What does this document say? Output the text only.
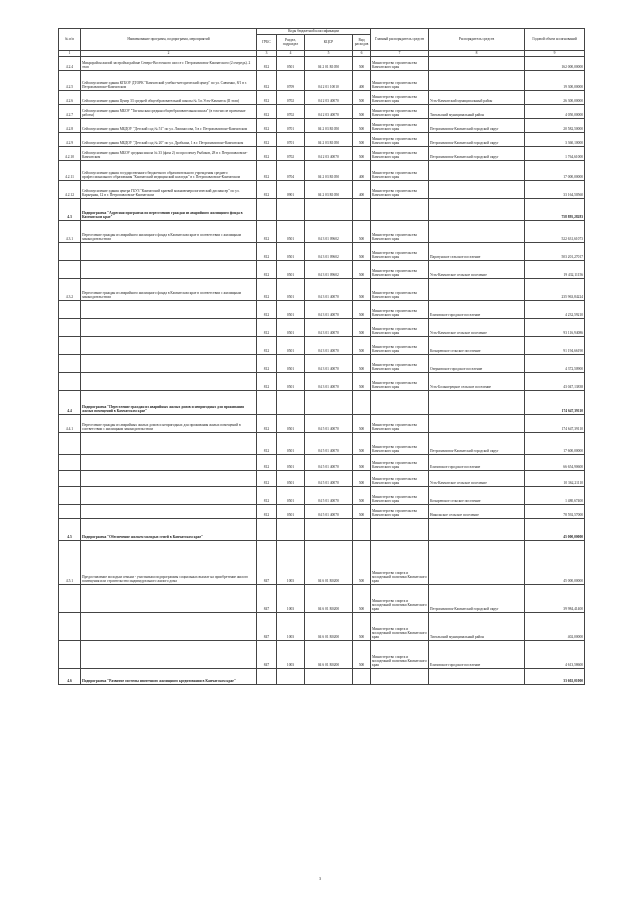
№ п/п	Наименование программ, подпрограмм, мероприятий	Коды бюджетной классификации				Главный распорядитель средств	Распорядитель средств	Годовой объем ассигнований
		ГРБС	Раздел, подраздел	КЦСР	Вид расходов			
1	2	3	4	5	6	7	8	9
4.2.4	Микрорайон жилой застройки районе Северо-Восточного шоссе г. Петропавловск-Камчатского (2 очередь). 2 этап	812	0501	04 2 01 R1050	500	Министерство строительства Камчатского края		162 000,00000
4.2.5	Сейсмоусиление здания КГБОУ ДТОРК "Камчатский учебно-методический центр" по ул. Савченко, 8/1 в г. Петропавловске-Камчатском	812	0709	04 2 01 10010	400	Министерство строительства Камчатского края		19 300,00000
4.2.6	Сейсмоусиление здания Центр 33 средней общеобразовательной школы № 3 п.Усть-Камчатск (II этап)	812	0702	04 2 03 40070	500	Министерство строительства Камчатского края	Усть-Камчатский муниципальный район	26 300,00000
4.2.7	Сейсмоусиление здания МБОУ "Тигильская средняя общеобразовательная школа" (в том числе проектные работы)	812	0702	04 2 03 40070	500	Министерство строительства Камчатского края	Тигильский муниципальный район	4 050,00000
4.2.8	Сейсмоусиление здания МБДОУ "Детский сад № 51" по ул. Ломоносова, 5 в г. Петропавловске-Камчатском	812	0701	04 2 03 R1050	500	Министерство строительства Камчатского края	Петропавловск-Камчатский городской округ	20 582,50000
4.2.9	Сейсмоусиление здания МБДОУ "Детский сад № 20" по ул. Дробыша, 1 в г. Петропавловске-Камчатском	812	0701	04 2 03 R1050	500	Министерство строительства Камчатского края	Петропавловск-Камчатский городской округ	3 360,10000
4.2.10	Сейсмоусиление здания МБОУ средняя школа № 33 (фаза 2) по проспекту Рыбаков, 28 в г. Петропавловске-Камчатском	812	0702	04 2 03 40070	500	Министерство строительства Камчатского края	Петропавловск-Камчатский городской округ	1 764,61000
4.2.11	Сейсмоусиление здания государственного бюджетного образовательного учреждения среднего профессионального образования "Камчатский медицинский колледж" в г. Петропавловске-Камчатском	812	0704	04 2 03 R1050	400	Министерство строительства Камчатского края		17 000,00000
4.2.12	Сейсмоусиление здания центра ГБУЗ "Камчатский краевой кожновенерологический диспансер" по ул. Карьерная, 12 в г. Петропавловске-Камчатском	812	0901	04 2 03 R1050	400	Министерство строительства Камчатского края		33 164,50560
4.3	Подпрограмма "Адресная программа по переселению граждан из аварийного жилищного фонда в Камчатском крае"							758 895,28283
4.3.1	Переселение граждан из аварийного жилищного фонда в Камчатском крае в соответствии с жилищным законодательством	812	0501	04 3 01 09602	500	Министерство строительства Камчатского края		522 631,61073
		812	0501	04 3 01 09602	500	Министерство строительства Камчатского края	Паратунское сельское поселение	503 201,27017
		812	0501	04 3 01 09602	500	Министерство строительства Камчатского края	Усть-Камчатское сельское поселение	19 432,11156
4.3.2	Переселение граждан из аварийного жилищного фонда в Камчатском крае в соответствии с жилищным законодательством	812	0501	04 3 01 40070	500	Министерство строительства Камчатского края		235 963,84224
		812	0501	04 3 01 40070	500	Министерство строительства Камчатского края	Елизовское городское поселение	4 232,59210
		812	0501	04 3 01 40070	500	Министерство строительства Камчатского края	Усть-Камчатское сельское поселение	93 116,94086
		812	0501	04 3 01 40070	500	Министерство строительства Камчатского края	Козыревское сельское поселение	91 194,66190
		812	0501	04 3 01 40070	500	Министерство строительства Камчатского края	Озерновское городское поселение	4 372,50900
		812	0501	04 3 01 40070	500	Министерство строительства Камчатского края	Усть-Большерецкое сельское поселение	43 047,13838
4.4	Подпрограмма "Переселение граждан из аварийных жилых домов и непригодных для проживания жилых помещений в Камчатском крае"							174 647,39110
4.4.1	Переселение граждан из аварийных жилых домов и непригодных для проживания жилых помещений в соответствии с жилищным законодательством	812	0501	04 5 01 40070	500	Министерство строительства Камчатского края		174 647,39110
		812	0501	04 5 01 40070	500	Министерство строительства Камчатского края	Петропавловск-Камчатский городской округ	17 600,00000
		812	0501	04 5 01 40070	500	Министерство строительства Камчатского края	Елизовское городское поселение	66 654,90600
		812	0501	04 5 01 40070	500	Министерство строительства Камчатского края	Усть-Камчатское сельское поселение	10 362,21110
		812	0501	04 5 01 40070	500	Министерство строительства Камчатского края	Козыревское сельское поселение	1 480,67400
		812	0501	04 5 01 40070	500	Министерство строительства Камчатского края	Никольское сельское поселение	78 592,57000
4.5	Подпрограмма "Обеспечение жильем молодых семей в Камчатском крае"							45 000,00000
4.5.1	Предоставление молодым семьям - участникам подпрограммы социальных выплат на приобретение жилого помещения или строительство индивидуального жилого дома	847	1003	04 6 01 R0200	500	Министерство спорта и молодежной политики Камчатского края		45 000,00000
		847	1003	04 6 01 R0200	500	Министерство спорта и молодежной политики Камчатского края	Петропавловск-Камчатский городской округ	39 984,41400
		847	1003	04 6 01 R0200	500	Министерство спорта и молодежной политики Камчатского края	Тигильский муниципальный район	402,00000
		847	1003	04 6 01 R0200	500	Министерство спорта и молодежной политики Камчатского края	Елизовское городское поселение	4 613,58600
4.6	Подпрограмма "Развитие системы ипотечного жилищного кредитования в Камчатском крае"							33 602,01000
3
